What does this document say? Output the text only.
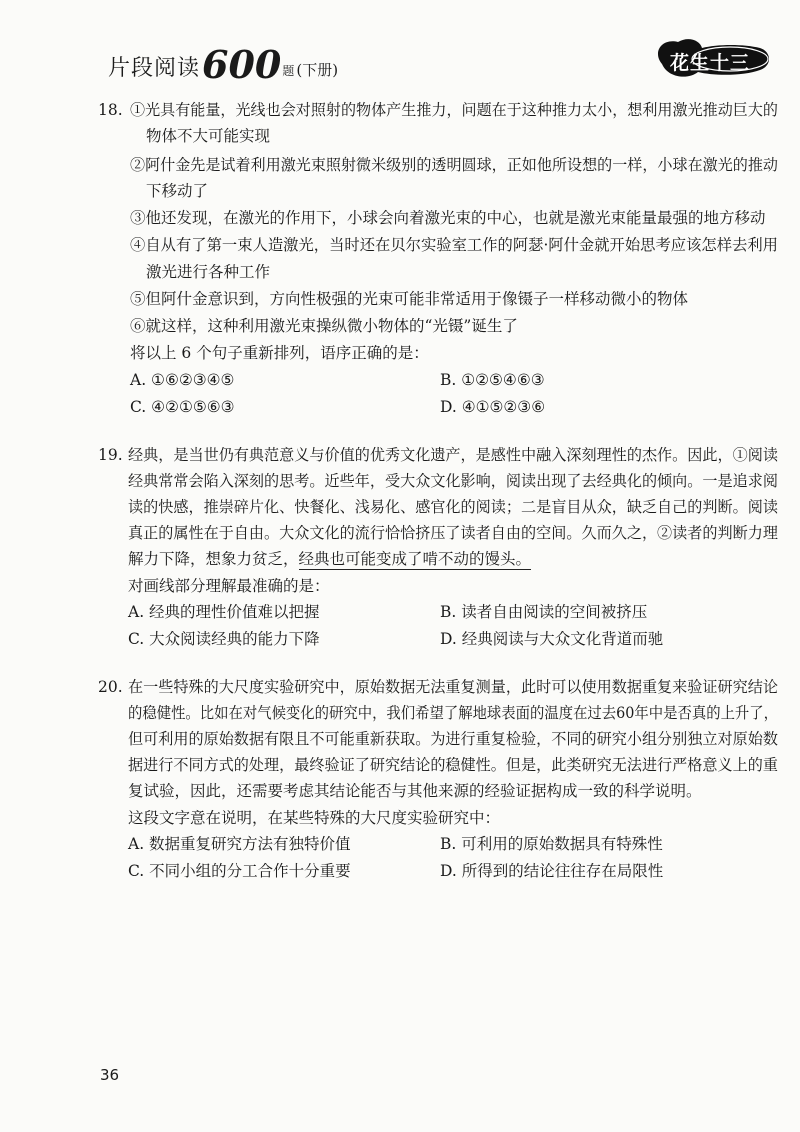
片段阅读 600 题 (下册)	花生十三
18. ①光具有能量，光线也会对照射的物体产生推力，问题在于这种推力太小，想利用激光推动巨大的
物体不大可能实现
②阿什金先是试着利用激光束照射微米级别的透明圆球，正如他所设想的一样，小球在激光的推动
下移动了
③他还发现，在激光的作用下，小球会向着激光束的中心，也就是激光束能量最强的地方移动
④自从有了第一束人造激光，当时还在贝尔实验室工作的阿瑟·阿什金就开始思考应该怎样去利用
激光进行各种工作
⑤但阿什金意识到，方向性极强的光束可能非常适用于像镊子一样移动微小的物体
⑥就这样，这种利用激光束操纵微小物体的“光镊”诞生了
将以上 6 个句子重新排列，语序正确的是：
A. ①⑥②③④⑤	B. ①②⑤④⑥③
C. ④②①⑤⑥③	D. ④①⑤②③⑥
19. 经典，是当世仍有典范意义与价值的优秀文化遗产，是感性中融入深刻理性的杰作。因此，①阅读
经典常常会陷入深刻的思考。近些年，受大众文化影响，阅读出现了去经典化的倾向。一是追求阅
读的快感，推崇碎片化、快餐化、浅易化、感官化的阅读；二是盲目从众，缺乏自己的判断。阅读
真正的属性在于自由。大众文化的流行恰恰挤压了读者自由的空间。久而久之，②读者的判断力理
解力下降，想象力贫乏，经典也可能变成了啃不动的馒头。
对画线部分理解最准确的是：
A. 经典的理性价值难以把握	B. 读者自由阅读的空间被挤压
C. 大众阅读经典的能力下降	D. 经典阅读与大众文化背道而驰
20. 在一些特殊的大尺度实验研究中，原始数据无法重复测量，此时可以使用数据重复来验证研究结论
的稳健性。比如在对气候变化的研究中，我们希望了解地球表面的温度在过去60年中是否真的上升了，
但可利用的原始数据有限且不可能重新获取。为进行重复检验，不同的研究小组分别独立对原始数
据进行不同方式的处理，最终验证了研究结论的稳健性。但是，此类研究无法进行严格意义上的重
复试验，因此，还需要考虑其结论能否与其他来源的经验证据构成一致的科学说明。
这段文字意在说明，在某些特殊的大尺度实验研究中：
A. 数据重复研究方法有独特价值	B. 可利用的原始数据具有特殊性
C. 不同小组的分工合作十分重要	D. 所得到的结论往往存在局限性
36
